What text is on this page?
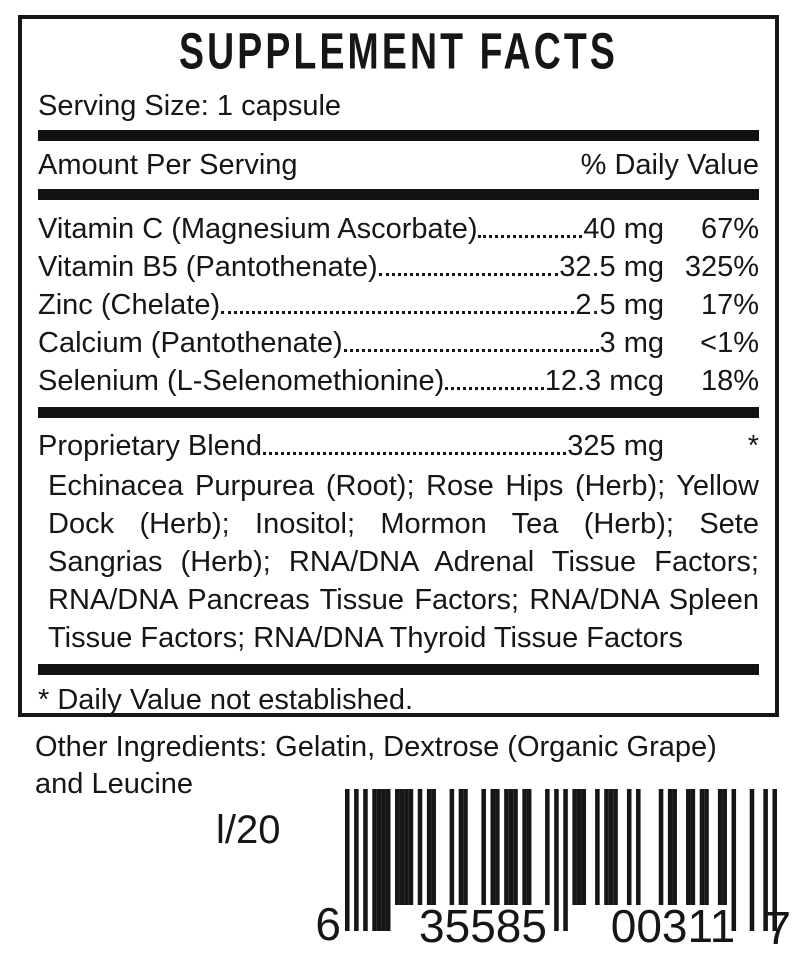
SUPPLEMENT FACTS
Serving Size: 1 capsule
Amount Per Serving	% Daily Value
Vitamin C (Magnesium Ascorbate)	40 mg	67%
Vitamin B5 (Pantothenate)	32.5 mg 325%
Zinc (Chelate)	2.5 mg	17%
Calcium (Pantothenate)	3 mg	<1%
Selenium (L-Selenomethionine)	12.3 mcg	18%
Proprietary Blend	325 mg	*
Echinacea Purpurea (Root); Rose Hips (Herb); Yellow Dock (Herb); Inositol; Mormon Tea (Herb); Sete Sangrias (Herb); RNA/DNA Adrenal Tissue Factors; RNA/DNA Pancreas Tissue Factors; RNA/DNA Spleen Tissue Factors; RNA/DNA Thyroid Tissue Factors
* Daily Value not established.
Other Ingredients: Gelatin, Dextrose (Organic Grape) and Leucine
l/20
6	35585	00311 7
